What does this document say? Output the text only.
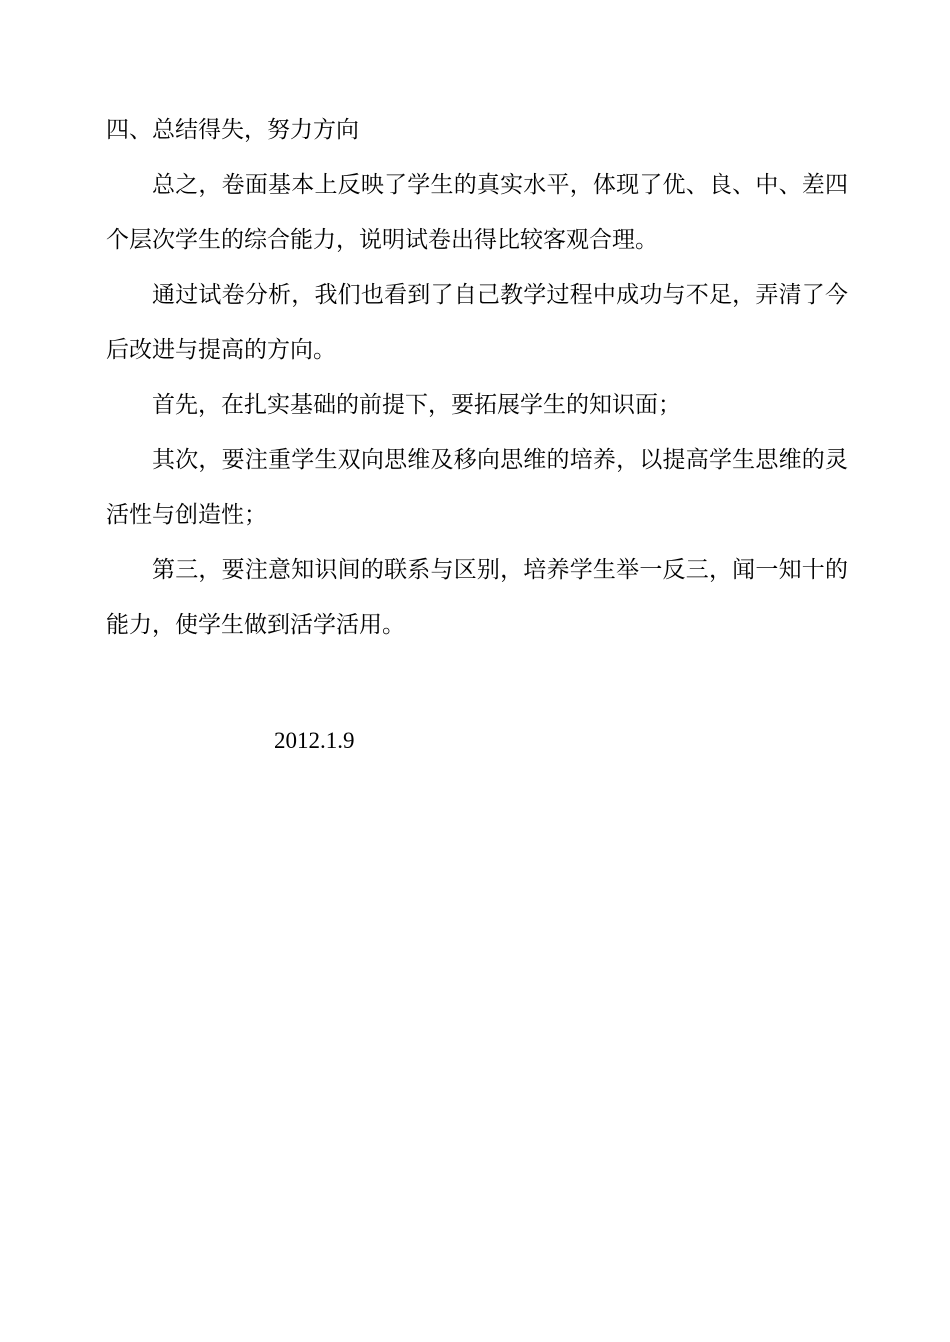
四、总结得失，努力方向

总之，卷面基本上反映了学生的真实水平，体现了优、良、中、差四个层次学生的综合能力，说明试卷出得比较客观合理。

通过试卷分析，我们也看到了自己教学过程中成功与不足，弄清了今后改进与提高的方向。

首先，在扎实基础的前提下，要拓展学生的知识面；

其次，要注重学生双向思维及移向思维的培养，以提高学生思维的灵活性与创造性；

第三，要注意知识间的联系与区别，培养学生举一反三，闻一知十的能力，使学生做到活学活用。

2012.1.9
